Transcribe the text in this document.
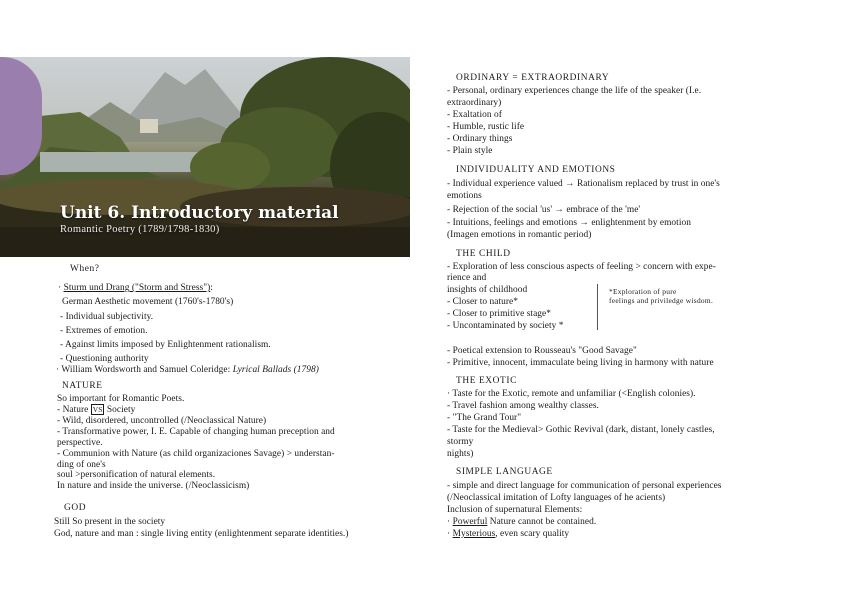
Unit 6. Introductory material
Romantic Poetry (1789/1798-1830)
When?
· Sturm und Drang ("Storm and Stress"):
German Aesthetic movement (1760's-1780's)
- Individual subjectivity.
- Extremes of emotion.
- Against limits imposed by Enlightenment rationalism.
- Questioning authority
· William Wordsworth and Samuel Coleridge: Lyrical Ballads (1798)
NATURE
So important for Romantic Poets.
- Nature VS Society
- Wild, disordered, uncontrolled (/Neoclassical Nature)
- Transformative power, I. E. Capable of changing human preception and
perspective.
- Communion with Nature (as child organizaciones Savage) > understan-
ding of one's
soul >personification of natural elements.
In nature and inside the universe. (/Neoclassicism)
GOD
Still So present in the society
God, nature and man : single living entity (enlightenment separate identities.)
ORDINARY = EXTRAORDINARY
- Personal, ordinary experiences change the life of the speaker (I.e.
extraordinary)
- Exaltation of
- Humble, rustic life
- Ordinary things
- Plain style
INDIVIDUALITY AND EMOTIONS
- Individual experience valued → Rationalism replaced by trust in one's
emotions
- Rejection of the social 'us' → embrace of the 'me'
- Intuitions, feelings and emotions → enlightenment by emotion
(Imagen emotions in romantic period)
THE CHILD
- Exploration of less conscious aspects of feeling > concern with expe-
rience and
insights of childhood
- Closer to nature*
- Closer to primitive stage*
- Uncontaminated by society *
*Exploration of pure
feelings and priviledge wisdom.
- Poetical extension to Rousseau's "Good Savage"
- Primitive, innocent, immaculate being living in harmony with nature
THE EXOTIC
· Taste for the Exotic, remote and unfamiliar (<English colonies).
- Travel fashion among wealthy classes.
- "The Grand Tour"
- Taste for the Medieval> Gothic Revival (dark, distant, lonely castles,
stormy
nights)
SIMPLE LANGUAGE
- simple and direct language for communication of personal experiences
(/Neoclassical imitation of Lofty languages of he acients)
Inclusion of supernatural Elements:
· Powerful Nature cannot be contained.
· Mysterious, even scary quality
